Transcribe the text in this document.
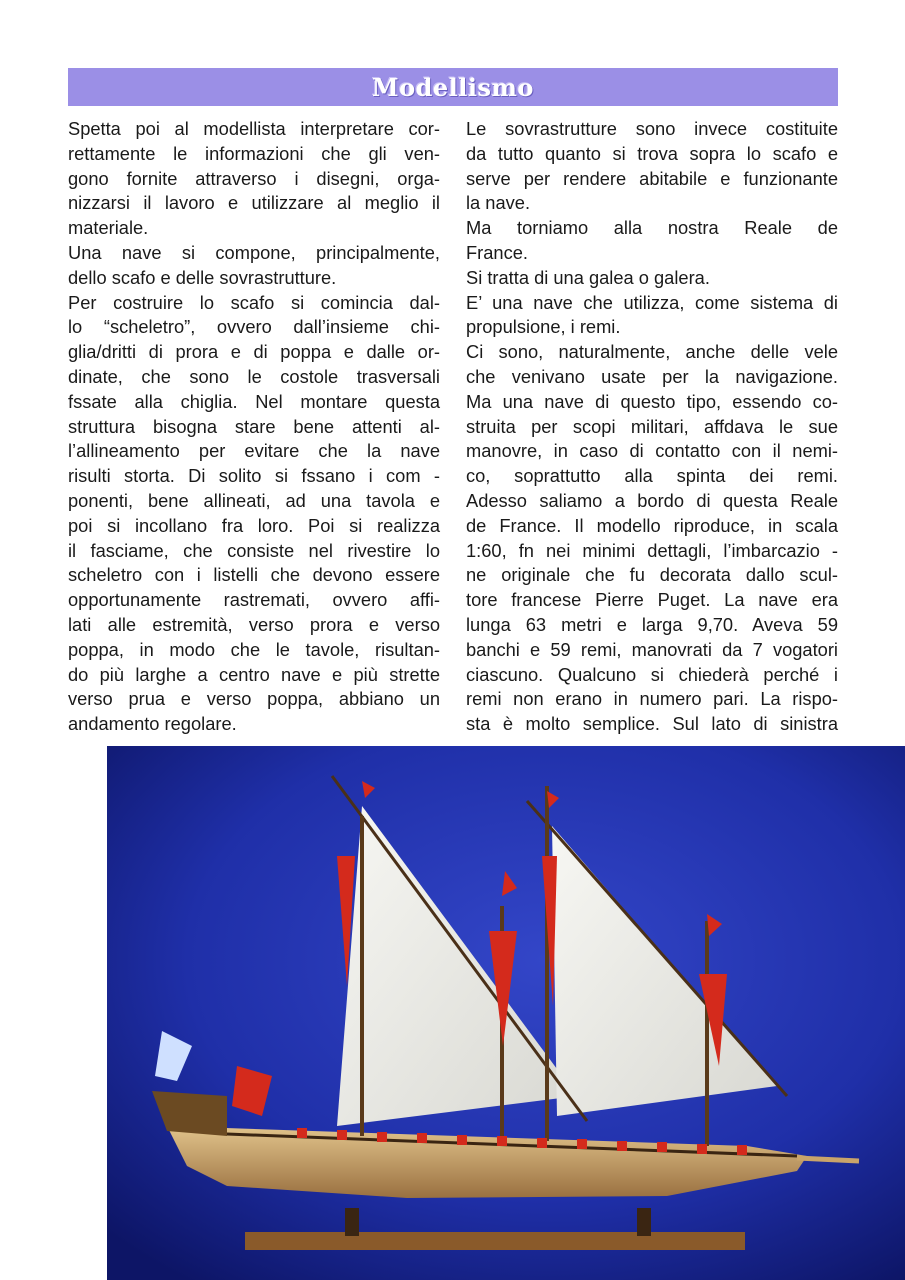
Modellismo
Spetta poi al modellista interpretare cor-
rettamente le informazioni che gli ven-
gono fornite attraverso i disegni, orga-
nizzarsi il lavoro e utilizzare al meglio il
materiale.
Una nave si compone, principalmente,
dello scafo e delle sovrastrutture.
Per costruire lo scafo si comincia dal-
lo “scheletro”, ovvero dall’insieme chi-
glia/dritti di prora e di poppa e dalle or-
dinate, che sono le costole trasversali
fssate alla chiglia. Nel montare questa
struttura bisogna stare bene attenti al-
l’allineamento per evitare che la nave
risulti storta. Di solito si fssano i com -
ponenti, bene allineati, ad una tavola e
poi si incollano fra loro. Poi si realizza
il fasciame, che consiste nel rivestire lo
scheletro con i listelli che devono essere
opportunamente rastremati, ovvero affi-
lati alle estremità, verso prora e verso
poppa, in modo che le tavole, risultan-
do più larghe a centro nave e più strette
verso prua e verso poppa, abbiano un
andamento regolare.
Le sovrastrutture sono invece costituite
da tutto quanto si trova sopra lo scafo e
serve per rendere abitabile e funzionante
la nave.
Ma torniamo alla nostra Reale de
France.
Si tratta di una galea o galera.
E’ una nave che utilizza, come sistema di
propulsione, i remi.
Ci sono, naturalmente, anche delle vele
che venivano usate per la navigazione.
Ma una nave di questo tipo, essendo co-
struita per scopi militari, affdava le sue
manovre, in caso di contatto con il nemi-
co, soprattutto alla spinta dei remi.
Adesso saliamo a bordo di questa Reale
de France. Il modello riproduce, in scala
1:60, fn nei minimi dettagli, l’imbarcazio -
ne originale che fu decorata dallo scul-
tore francese Pierre Puget. La nave era
lunga 63 metri e larga 9,70. Aveva 59
banchi e 59 remi, manovrati da 7 vogatori
ciascuno. Qualcuno si chiederà perché i
remi non erano in numero pari. La rispo-
sta è molto semplice. Sul lato di sinistra
